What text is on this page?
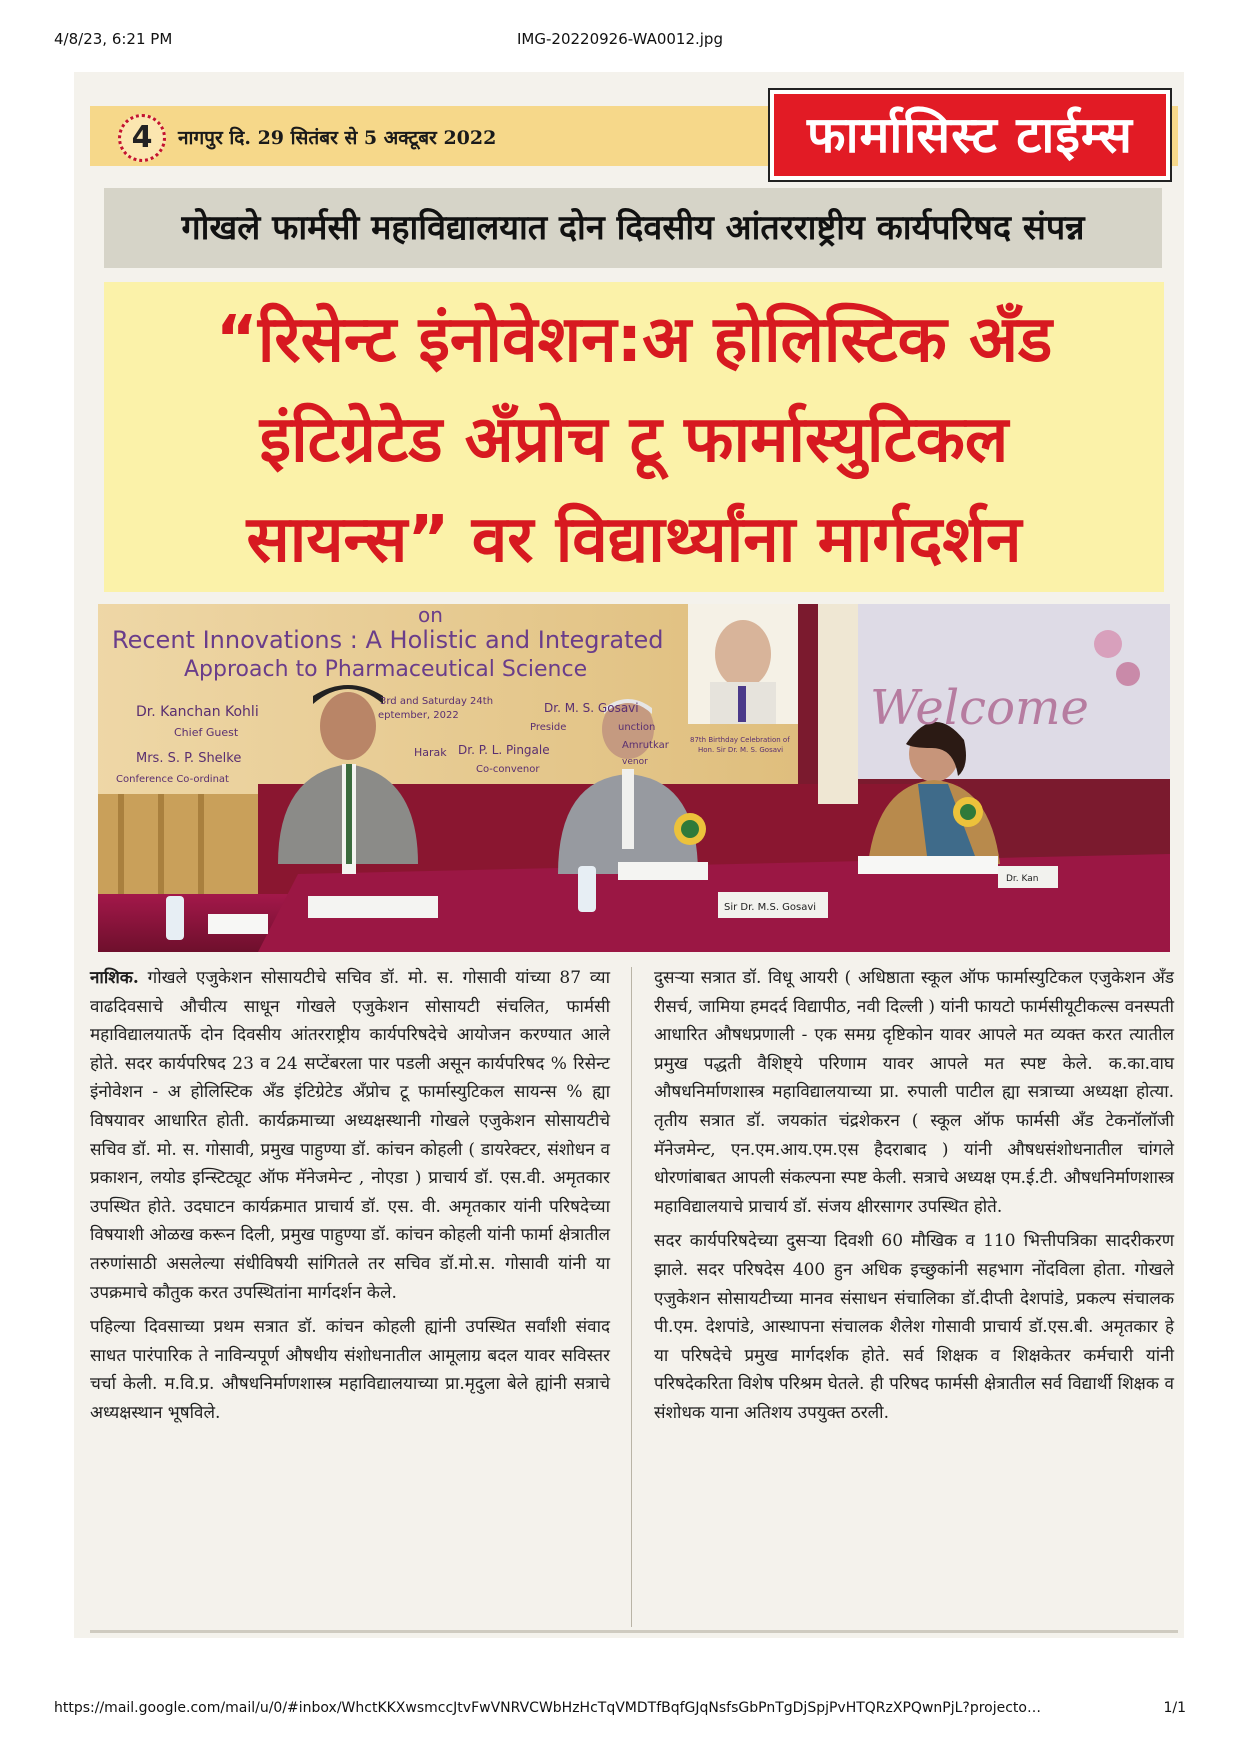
4/8/23, 6:21 PM	IMG-20220926-WA0012.jpg
4	नागपुर दि. 29 सितंबर से 5 अक्टूबर 2022	फार्मासिस्ट टाईम्स
गोखले फार्मसी महाविद्यालयात दोन दिवसीय आंतरराष्ट्रीय कार्यपरिषद संपन्न
“रिसेन्ट इंनोवेशन:अ होलिस्टिक अँड
इंटिग्रेटेड अँप्रोच टू फार्मास्युटिकल
सायन्स” वर विद्यार्थ्यांना मार्गदर्शन
on
Recent Innovations : A Holistic and Integrated
Approach to Pharmaceutical Science
Dr. Kanchan Kohli
Chief Guest
Mrs. S. P. Shelke
Conference Co-ordinat
3rd and Saturday 24th
eptember, 2022
Harak Dr. P. L. Pingale
Co-convenor
Dr. M. S. Gosavi
Preside	unction
Amrutkar
venor
87th Birthday Celebration of
Hon. Sir Dr. M. S. Gosavi
Welcome
Sir Dr. M.S. Gosavi
Dr. Kan

नाशिक. गोखले एजुकेशन सोसायटीचे सचिव डॉ. मो. स. गोसावी यांच्या 87 व्या वाढदिवसाचे औचीत्य साधून गोखले एजुकेशन सोसायटी संचलित, फार्मसी महाविद्यालयातर्फे दोन दिवसीय आंतरराष्ट्रीय कार्यपरिषदेचे आयोजन करण्यात आले होते. सदर कार्यपरिषद 23 व 24 सप्टेंबरला पार पडली असून कार्यपरिषद % रिसेन्ट इंनोवेशन - अ होलिस्टिक अँड इंटिग्रेटेड अँप्रोच टू फार्मास्युटिकल सायन्स % ह्या विषयावर आधारित होती. कार्यक्रमाच्या अध्यक्षस्थानी गोखले एजुकेशन सोसायटीचे सचिव डॉ. मो. स. गोसावी, प्रमुख पाहुण्या डॉ. कांचन कोहली ( डायरेक्टर, संशोधन व प्रकाशन, लयोड इन्स्टिट्यूट ऑफ मॅनेजमेन्ट , नोएडा ) प्राचार्य डॉ. एस.वी. अमृतकार उपस्थित होते. उदघाटन कार्यक्रमात प्राचार्य डॉ. एस. वी. अमृतकार यांनी परिषदेच्या विषयाशी ओळख करून दिली, प्रमुख पाहुण्या डॉ. कांचन कोहली यांनी फार्मा क्षेत्रातील तरुणांसाठी असलेल्या संधीविषयी सांगितले तर सचिव डॉ.मो.स. गोसावी यांनी या उपक्रमाचे कौतुक करत उपस्थितांना मार्गदर्शन केले.

पहिल्या दिवसाच्या प्रथम सत्रात डॉ. कांचन कोहली ह्यांनी उपस्थित सर्वांशी संवाद साधत पारंपारिक ते नाविन्यपूर्ण औषधीय संशोधनातील आमूलाग्र बदल यावर सविस्तर चर्चा केली. म.वि.प्र. औषधनिर्माणशास्त्र महाविद्यालयाच्या प्रा.मृदुला बेले ह्यांनी सत्राचे अध्यक्षस्थान भूषविले.

दुसऱ्या सत्रात डॉ. विधू आयरी ( अधिष्ठाता स्कूल ऑफ फार्मास्युटिकल एजुकेशन अँड रीसर्च, जामिया हमदर्द विद्यापीठ, नवी दिल्ली ) यांनी फायटो फार्मसीयूटीकल्स वनस्पती आधारित औषधप्रणाली - एक समग्र दृष्टिकोन यावर आपले मत व्यक्त करत त्यातील प्रमुख पद्धती वैशिष्ट्ये परिणाम यावर आपले मत स्पष्ट केले. क.का.वाघ औषधनिर्माणशास्त्र महाविद्यालयाच्या प्रा. रुपाली पाटील ह्या सत्राच्या अध्यक्षा होत्या. तृतीय सत्रात डॉ. जयकांत चंद्रशेकरन ( स्कूल ऑफ फार्मसी अँड टेकनॉलॉजी मॅनेजमेन्ट, एन.एम.आय.एम.एस हैदराबाद ) यांनी औषधसंशोधनातील चांगले धोरणांबाबत आपली संकल्पना स्पष्ट केली. सत्राचे अध्यक्ष एम.ई.टी. औषधनिर्माणशास्त्र महाविद्यालयाचे प्राचार्य डॉ. संजय क्षीरसागर उपस्थित होते.

सदर कार्यपरिषदेच्या दुसऱ्या दिवशी 60 मौखिक व 110 भित्तीपत्रिका सादरीकरण झाले. सदर परिषदेस 400 हुन अधिक इच्छुकांनी सहभाग नोंदविला होता. गोखले एजुकेशन सोसायटीच्या मानव संसाधन संचालिका डॉ.दीप्ती देशपांडे, प्रकल्प संचालक पी.एम. देशपांडे, आस्थापना संचालक शैलेश गोसावी प्राचार्य डॉ.एस.बी. अमृतकार हे या परिषदेचे प्रमुख मार्गदर्शक होते. सर्व शिक्षक व शिक्षकेतर कर्मचारी यांनी परिषदेकरिता विशेष परिश्रम घेतले. ही परिषद फार्मसी क्षेत्रातील सर्व विद्यार्थी शिक्षक व संशोधक याना अतिशय उपयुक्त ठरली.

https://mail.google.com/mail/u/0/#inbox/WhctKKXwsmccJtvFwVNRVCWbHzHcTqVMDTfBqfGJqNsfsGbPnTgDjSpjPvHTQRzXPQwnPjL?projecto…	1/1
